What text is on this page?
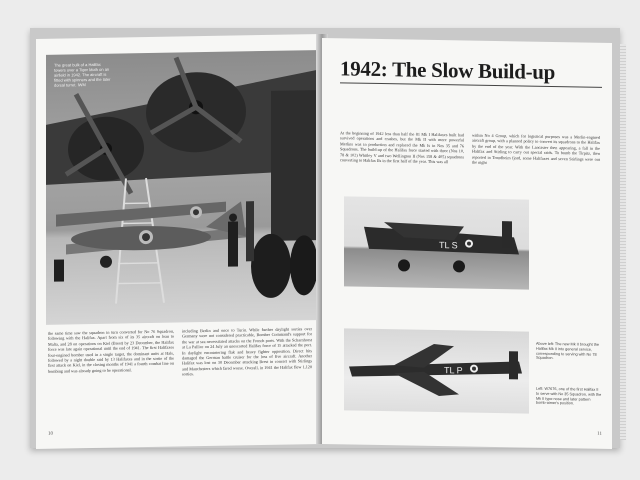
The great bulk of a Halifax towers over a Tiger Moth on an airfield in 1942. The aircraft is fitted with spinners and the later dorsal turret. IWM
the same time saw the squadron in turn converted for No 76 Squadron, following with the Halifax. Apart from six of its 35 aircraft on loan to Malta, and 28 on operations on Kiel (Brest) by 23 December, the Halifax force was late again operational until the end of 1941. The first Halifaxes four-engined bomber used in a single target, the dominant units at Hals, followed by a night double raid by 13 Halifaxes and in the sortie of the first attack on Kiel, in the closing months of 1941 a fourth combat line on bombing and was already going to be operational.
including Berlin and once to Turin. While further daylight sorties over Germany were not considered practicable, Bomber Command's support for the war at sea necessitated attacks on the French ports. With the Scharnhorst at La Pallice on 24 July an unescorted Halifax force of 15 attacked the port. In daylight encountering flak and heavy fighter opposition. Direct hits damaged the German battle cruiser for the loss of five aircraft. Another Halifax was lost on 30 December attacking Brest in concert with Stirlings and Manchesters which fared worse. Overall, in 1941 the Halifax flew 1,120 sorties.
10
1942: The Slow Build-up
At the beginning of 1942 less than half the 81 Mk I Halifaxes built had survived operations and crashes, but the Mk II with more powerful Merlins was in production and replaced the Mk Is in Nos 35 and 76 Squadrons. The build-up of the Halifax force started with three (Nos 10, 78 & 102) Whitley V and two Wellington II (Nos 158 & 405) squadrons converting to Halifax IIs in the first half of the year. This was all
within No 4 Group, which for logistical purposes was a Merlin-engined aircraft group, with a planned policy to convert its squadrons to the Halifax by the end of the year. With the Lancaster then appearing, a fall in the Halifax and Stirling to carry out special raids. To bomb the Tirpitz, then reported in Trondheim fjord, some Halifaxes and seven Stirlings were out the night
TL S
TL P
Above left: The new Mk II brought the Halifax Mk II into general service, corresponding to serving with No 78 Squadron.
Left: W7676, one of the first Halifax II to serve with No 35 Squadron, with the Mk II type nose and later pattern bomb-aimer's position.
11
